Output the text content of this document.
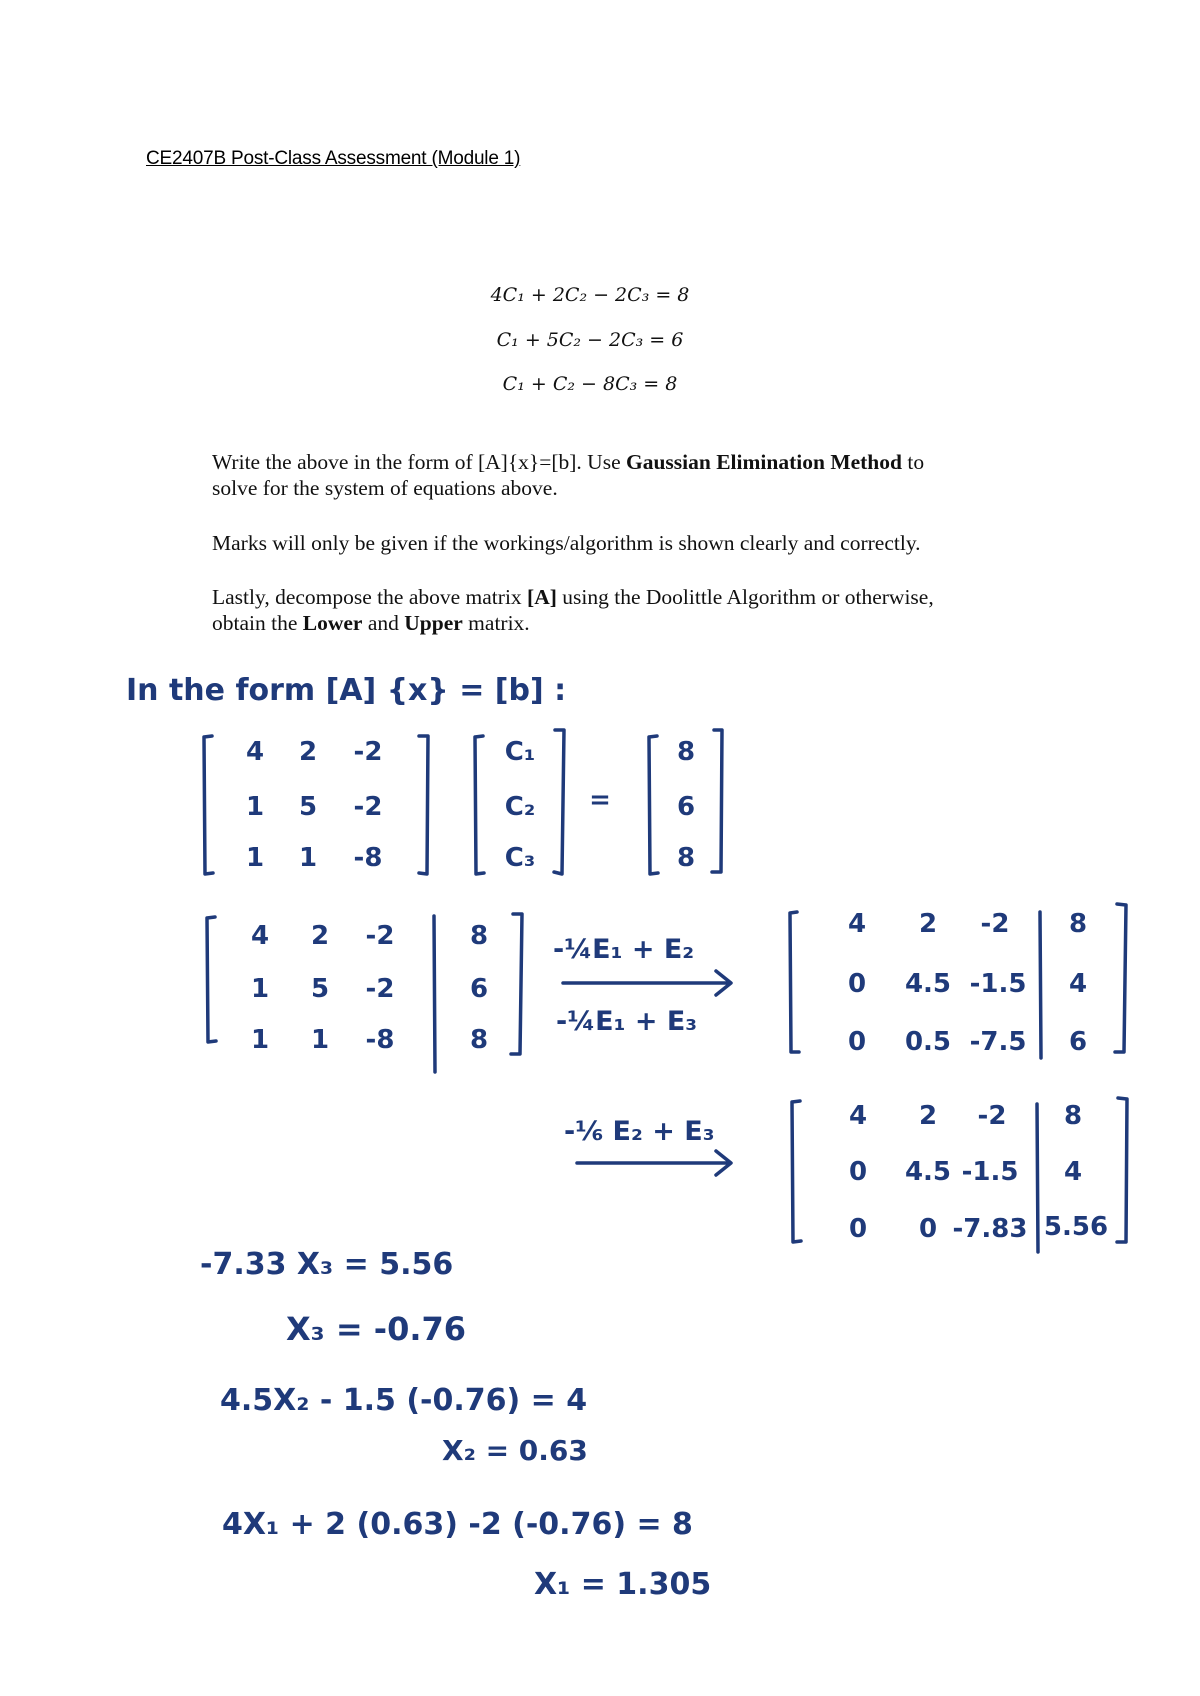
CE2407B Post-Class Assessment (Module 1)
4C₁ + 2C₂ − 2C₃ = 8
C₁ + 5C₂ − 2C₃ = 6
C₁ + C₂ − 8C₃ = 8
Write the above in the form of [A]{x}=[b]. Use Gaussian Elimination Method to
solve for the system of equations above.
Marks will only be given if the workings/algorithm is shown clearly and correctly.
Lastly, decompose the above matrix [A] using the Doolittle Algorithm or otherwise,
obtain the Lower and Upper matrix.
In the form [A] {x} = [b] :
4 2 -2
1 5 -2
1 1 -8
C₁
C₂
C₃
=
8
6
8
4 2 -2	8
1 5 -2	6
1 1 -8	8
-¼E₁ + E₂
-¼E₁ + E₃
4 2 -2 8
0 4.5 -1.5 4
0 0.5 -7.5 6
-⅙ E₂ + E₃	4 2 -2 8
0 4.5 -1.5 4
0 0 -7.83 5.56
-7.33 X₃ = 5.56
X₃ = -0.76
4.5X₂ - 1.5 (-0.76) = 4
X₂ = 0.63
4X₁ + 2 (0.63) -2 (-0.76) = 8
X₁ = 1.305
